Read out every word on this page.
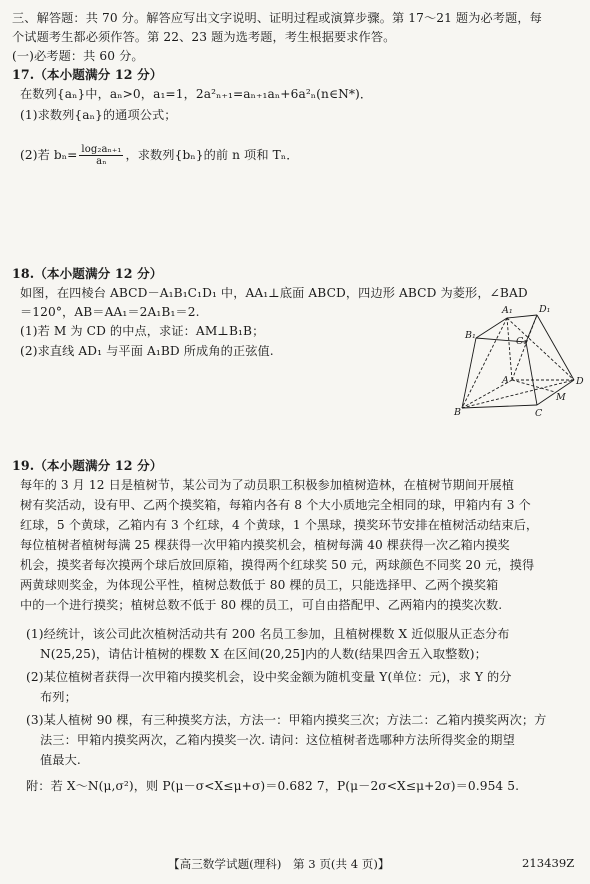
三、解答题：共 70 分。解答应写出文字说明、证明过程或演算步骤。第 17～21 题为必考题，每
个试题考生都必须作答。第 22、23 题为选考题，考生根据要求作答。
(一)必考题：共 60 分。
17.（本小题满分 12 分）
在数列{aₙ}中，aₙ>0，a₁=1，2a²ₙ₊₁=aₙ₊₁aₙ+6a²ₙ(n∈N*)．
(1)求数列{aₙ}的通项公式；
(2)若 $b_n= \frac{\text{log₂aₙ₊₁}}{\text{aₙ}}$ ，求数列{bₙ}的前 n 项和 Tₙ．
18.（本小题满分 12 分）
如图，在四棱台 ABCD－A₁B₁C₁D₁ 中，AA₁⊥底面 ABCD，四边形 ABCD 为菱形，∠BAD
＝120°，AB＝AA₁＝2A₁B₁＝2.
(1)若 M 为 CD 的中点，求证：AM⊥B₁B；
(2)求直线 AD₁ 与平面 A₁BD 所成角的正弦值.
A₁	D₁
B₁
C₁
A
B	C
D
M
19.（本小题满分 12 分）
每年的 3 月 12 日是植树节，某公司为了动员职工积极参加植树造林，在植树节期间开展植
树有奖活动，设有甲、乙两个摸奖箱，每箱内各有 8 个大小质地完全相同的球，甲箱内有 3 个
红球，5 个黄球，乙箱内有 3 个红球，4 个黄球，1 个黑球，摸奖环节安排在植树活动结束后，
每位植树者植树每满 25 棵获得一次甲箱内摸奖机会，植树每满 40 棵获得一次乙箱内摸奖
机会，摸奖者每次摸两个球后放回原箱，摸得两个红球奖 50 元，两球颜色不同奖 20 元，摸得
两黄球则奖金，为体现公平性，植树总数低于 80 棵的员工，只能选择甲、乙两个摸奖箱
中的一个进行摸奖；植树总数不低于 80 棵的员工，可自由搭配甲、乙两箱内的摸奖次数.
(1)经统计，该公司此次植树活动共有 200 名员工参加，且植树棵数 X 近似服从正态分布
N(25,25)，请估计植树的棵数 X 在区间(20,25]内的人数(结果四舍五入取整数)；
(2)某位植树者获得一次甲箱内摸奖机会，设中奖金额为随机变量 Y(单位：元)，求 Y 的分
布列；
(3)某人植树 90 棵，有三种摸奖方法，方法一：甲箱内摸奖三次；方法二：乙箱内摸奖两次；方
法三：甲箱内摸奖两次，乙箱内摸奖一次. 请问：这位植树者选哪种方法所得奖金的期望
值最大.
附：若 X～N(μ,σ²)，则 P(μ－σ<X≤μ+σ)＝0.682 7，P(μ－2σ<X≤μ+2σ)＝0.954 5.
【高三数学试题(理科)　第 3 页(共 4 页)】	213439Z
